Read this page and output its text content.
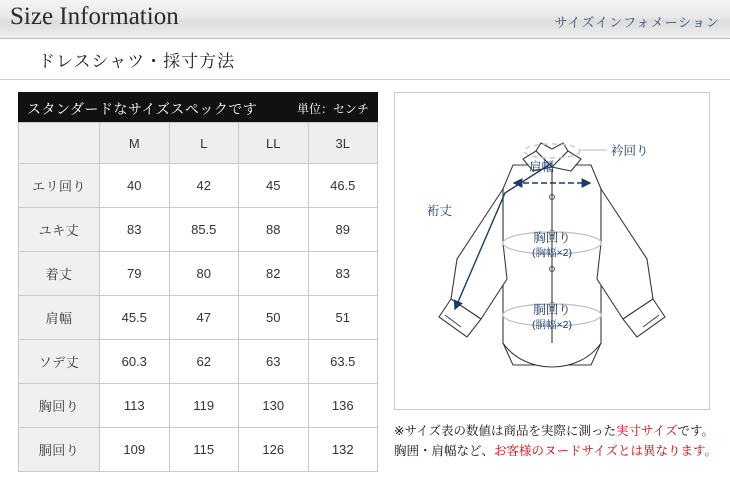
Size Information	サイズインフォメーション
ドレスシャツ・採寸方法
スタンダードなサイズスペックです	単位：センチ
	M	L	LL	3L
エリ回り	40	42	45	46.5
ユキ丈	83	85.5	88	89
着丈	79	80	82	83
肩幅	45.5	47	50	51
ソデ丈	60.3	62	63	63.5
胸回り	113	119	130	136
胴回り	109	115	126	132
衿回り
肩幅
裄丈
胸回り
(胸幅×2)
胴回り
(胴幅×2)
※サイズ表の数値は商品を実際に測った実寸サイズです。
胸囲・肩幅など、お客様のヌードサイズとは異なります。
